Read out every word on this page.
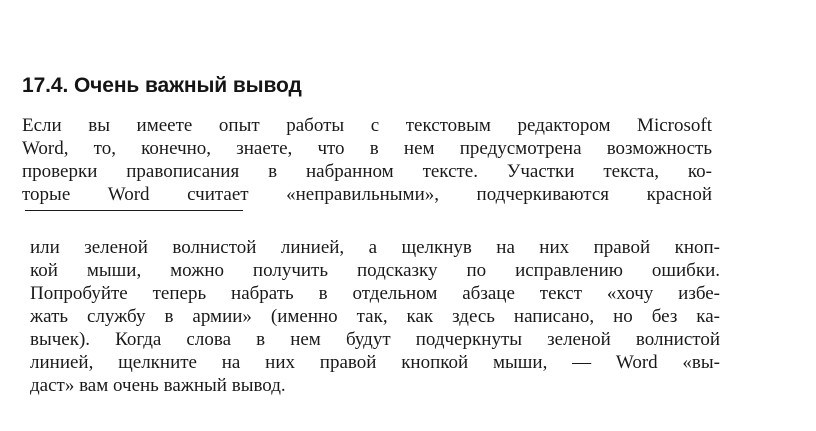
17.4. Очень важный вывод
Если вы имеете опыт работы с текстовым редактором Microsoft
Word, то, конечно, знаете, что в нем предусмотрена возможность
проверки правописания в набранном тексте. Участки текста, ко-
торые Word считает «неправильными», подчеркиваются красной
или зеленой волнистой линией, а щелкнув на них правой кноп-
кой мыши, можно получить подсказку по исправлению ошибки.
Попробуйте теперь набрать в отдельном абзаце текст «хочу избе-
жать службу в армии» (именно так, как здесь написано, но без ка-
вычек). Когда слова в нем будут подчеркнуты зеленой волнистой
линией, щелкните на них правой кнопкой мыши, — Word «вы-
даст» вам очень важный вывод.
